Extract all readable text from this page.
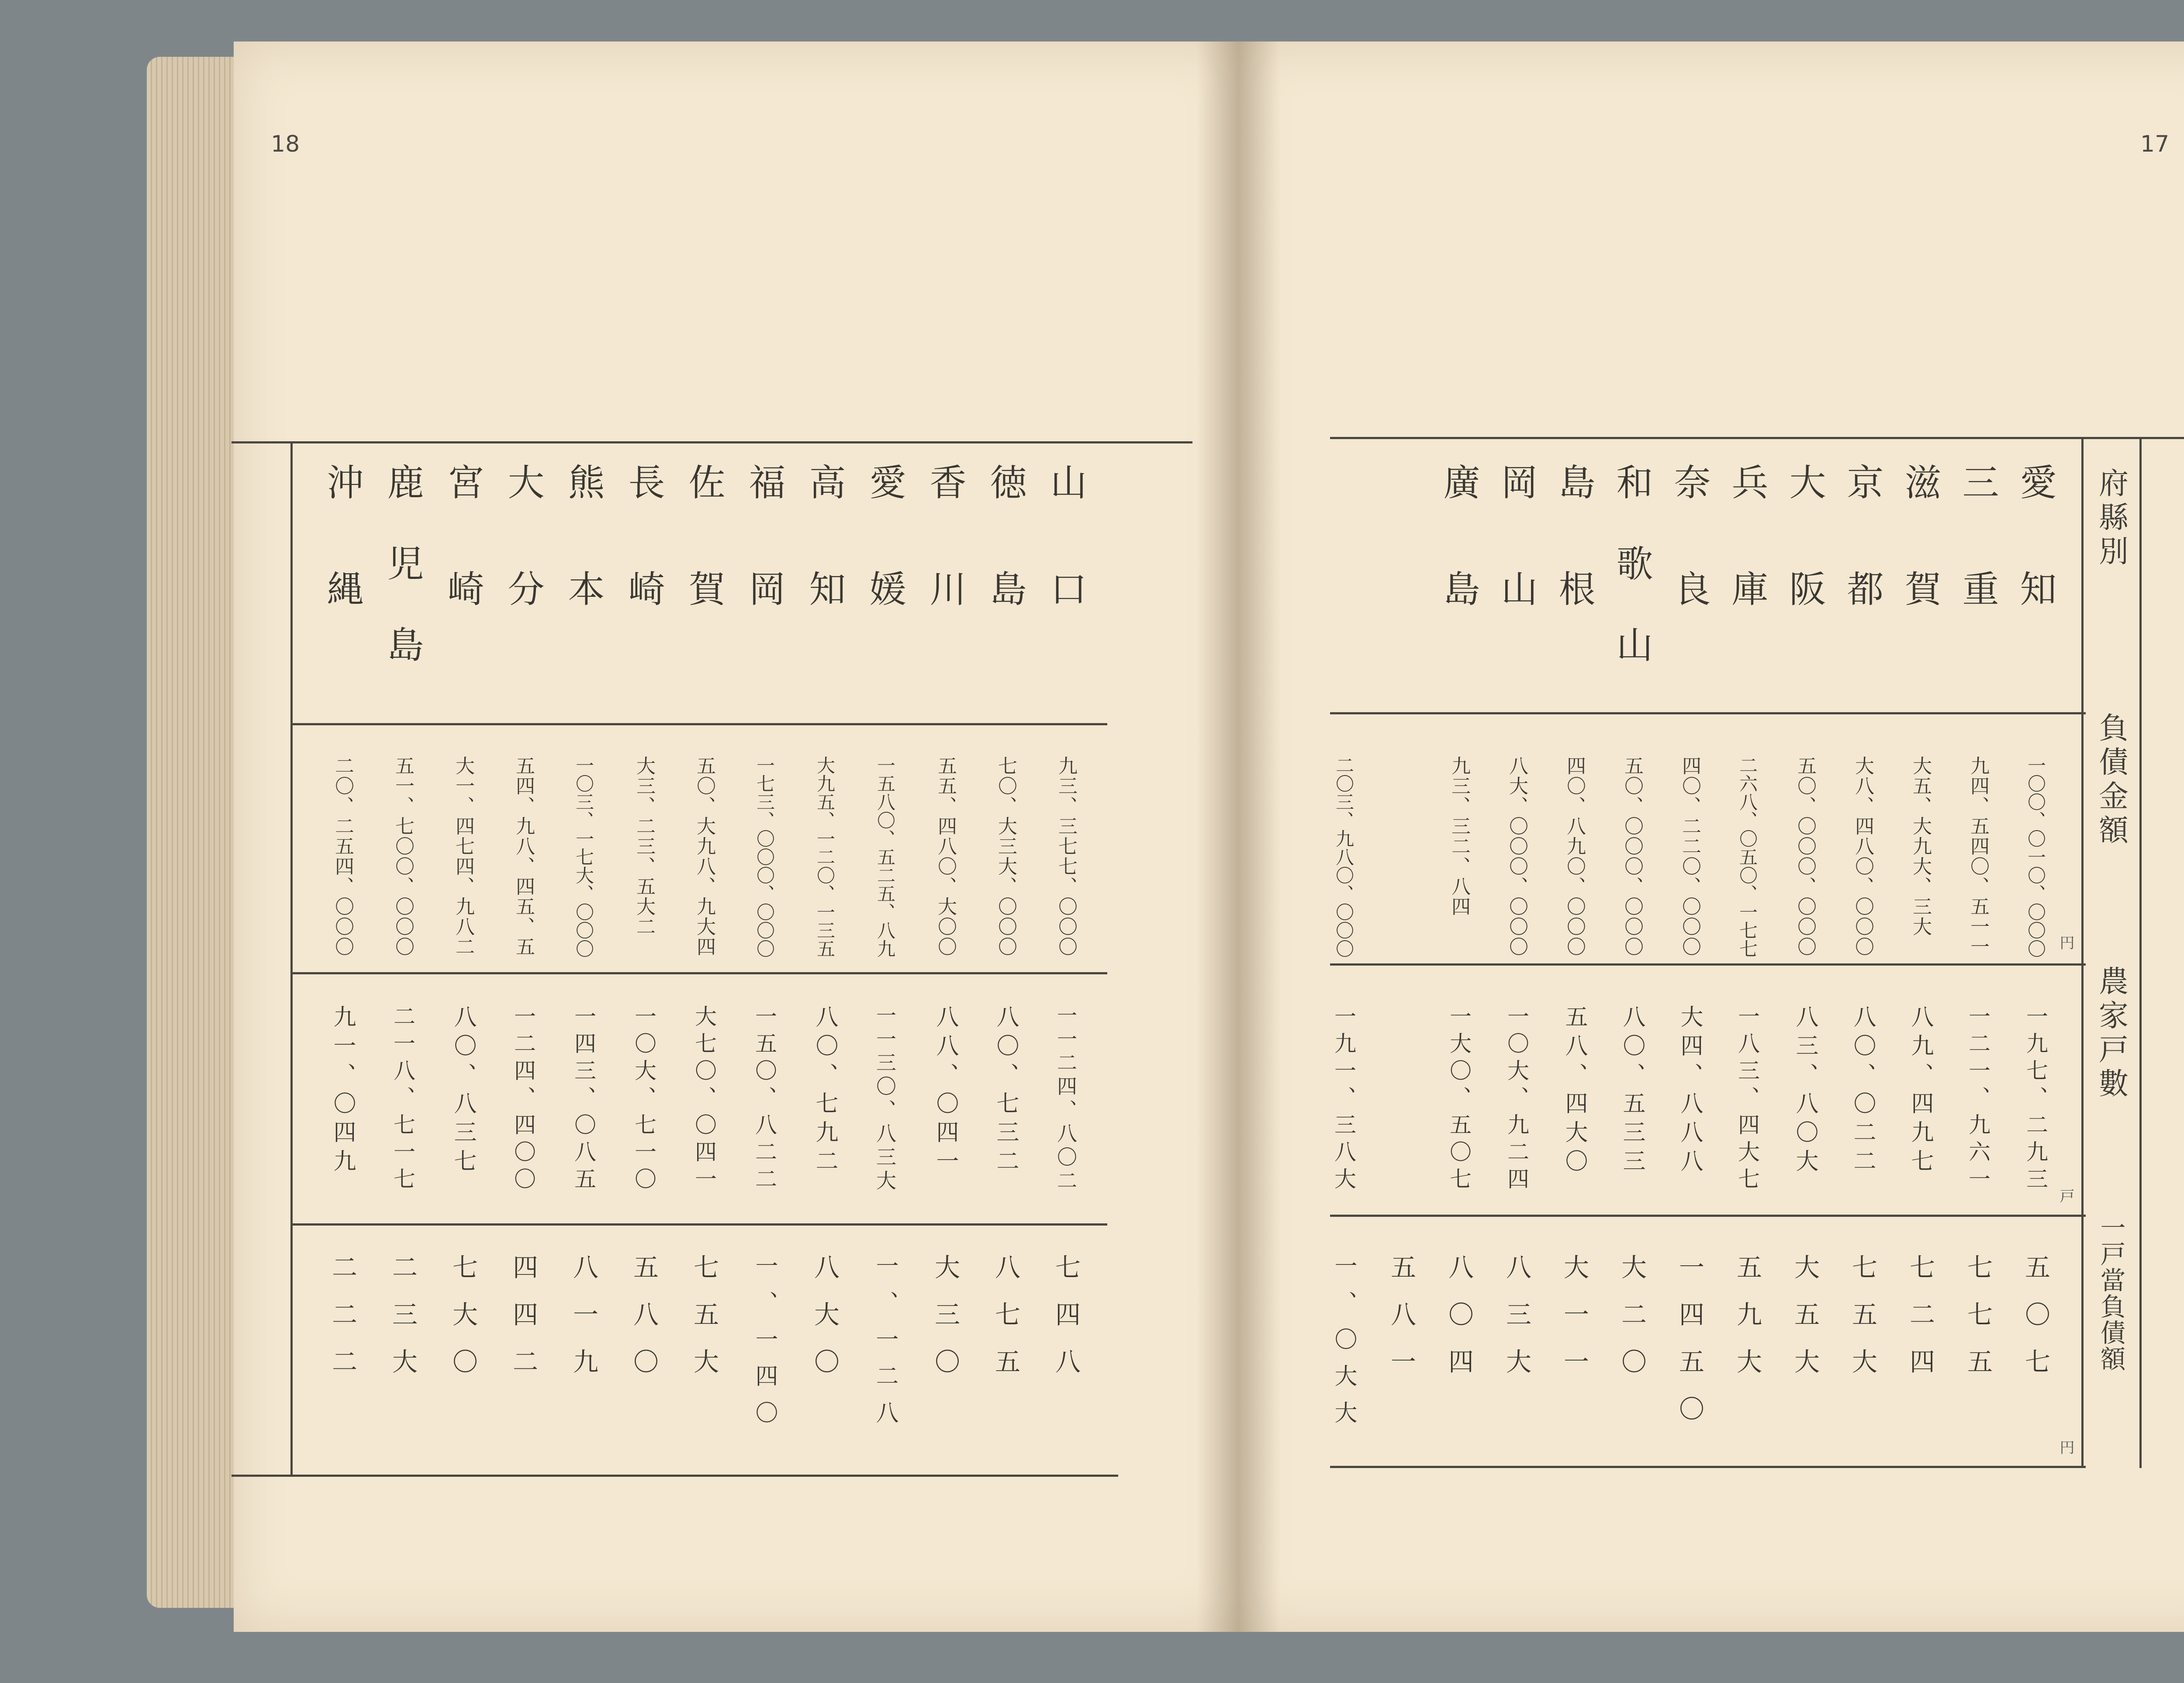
18	17
府縣別
負債金額
農家戸數
一戸當負債額
円
戸
円
愛知
一〇〇、〇一〇、〇〇〇
一九七、二九三
五〇七
三重
九四、五四〇、五一一
一二一、九六一
七七五
滋賀
大五、大九大、三大
八九、四九七
七二四
京都
大八、四八〇、〇〇〇
八〇、〇二二
七五大
大阪
五〇、〇〇〇、〇〇〇
八三、八〇大
大五大
兵庫
二六八、〇五〇、一七七
一八三、四大七
五九大
奈良
四〇、二二〇、〇〇〇
大四、八八八
一四五〇
和歌山
五〇、〇〇〇、〇〇〇
八〇、五三三
大二〇
島根
四〇、八九〇、〇〇〇
五八、四大〇
大一一
岡山
八大、〇〇〇、〇〇〇
一〇大、九二四
八三大
廣島
九三、三二、八四
一大〇、五〇七
八〇四
五八一
二〇三、九八〇、〇〇〇
一九一、三八大
一、〇大大
山口
九三、三七七、〇〇〇
一一二四、八〇二
七四八
徳島
七〇、大三大、〇〇〇
八〇、七三二
八七五
香川
五五、四八〇、大〇〇
八八、〇四一
大三〇
愛媛
一五八〇、五二五、八九
一一三〇、八三大
一、一二八
高知
大九五、一二〇、一三五
八〇、七九二
八大〇
福岡
一七三、〇〇〇、〇〇〇
一五〇、八二二
一、一四〇
佐賀
五〇、大九八、九大四
大七〇、〇四一
七五大
長崎
大三、二三、五大二
一〇大、七一〇
五八〇
熊本
一〇三、一七大、〇〇〇
一四三、〇八五
八一九
大分
五四、九八、四五、五
一二四、四〇〇
四四二
宮崎
大一、四七四、九八二
八〇、八三七
七大〇
鹿児島
五一、七〇〇、〇〇〇
二一八、七一七
二三大
沖縄
二〇、二五四、〇〇〇
九一、〇四九
二二二
